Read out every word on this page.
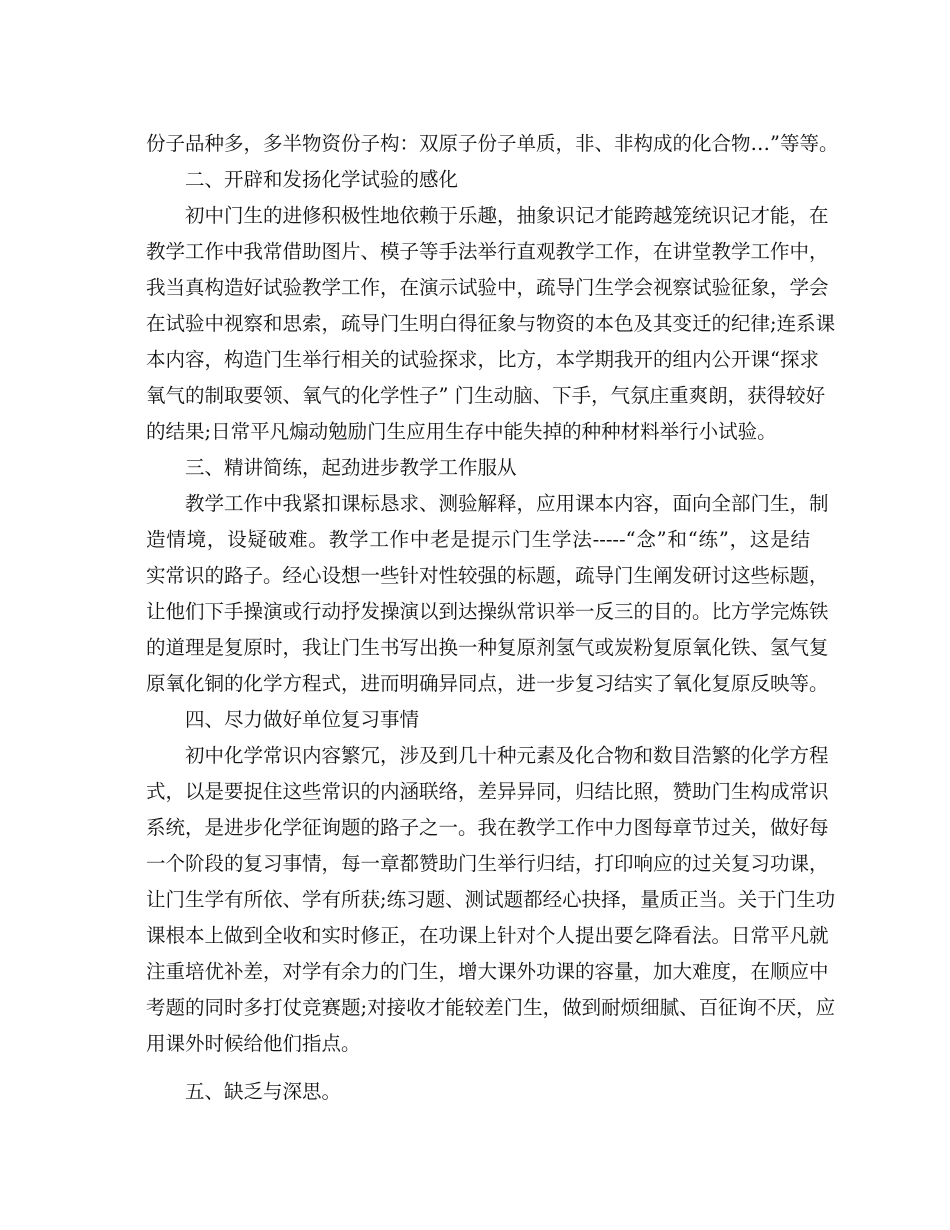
份子品种多，多半物资份子构：双原子份子单质，非、非构成的化合物…”等等。
二、开辟和发扬化学试验的感化
初中门生的进修积极性地依赖于乐趣，抽象识记才能跨越笼统识记才能，在
教学工作中我常借助图片、模子等手法举行直观教学工作，在讲堂教学工作中，
我当真构造好试验教学工作，在演示试验中，疏导门生学会视察试验征象，学会
在试验中视察和思索，疏导门生明白得征象与物资的本色及其变迁的纪律;连系课
本内容，构造门生举行相关的试验探求，比方，本学期我开的组内公开课“探求
氧气的制取要领、氧气的化学性子” 门生动脑、下手，气氛庄重爽朗，获得较好
的结果;日常平凡煽动勉励门生应用生存中能失掉的种种材料举行小试验。
三、精讲简练，起劲进步教学工作服从
教学工作中我紧扣课标恳求、测验解释，应用课本内容，面向全部门生，制
造情境，设疑破难。教学工作中老是提示门生学法-----“念”和“练”，这是结
实常识的路子。经心设想一些针对性较强的标题，疏导门生阐发研讨这些标题，
让他们下手操演或行动抒发操演以到达操纵常识举一反三的目的。比方学完炼铁
的道理是复原时，我让门生书写出换一种复原剂氢气或炭粉复原氧化铁、氢气复
原氧化铜的化学方程式，进而明确异同点，进一步复习结实了氧化复原反映等。
四、尽力做好单位复习事情
初中化学常识内容繁冗，涉及到几十种元素及化合物和数目浩繁的化学方程
式，以是要捉住这些常识的内涵联络，差异异同，归结比照，赞助门生构成常识
系统，是进步化学征询题的路子之一。我在教学工作中力图每章节过关，做好每
一个阶段的复习事情，每一章都赞助门生举行归结，打印响应的过关复习功课，
让门生学有所依、学有所获;练习题、测试题都经心抉择，量质正当。关于门生功
课根本上做到全收和实时修正，在功课上针对个人提出要乞降看法。日常平凡就
注重培优补差，对学有余力的门生，增大课外功课的容量，加大难度，在顺应中
考题的同时多打仗竞赛题;对接收才能较差门生，做到耐烦细腻、百征询不厌，应
用课外时候给他们指点。
五、缺乏与深思。
